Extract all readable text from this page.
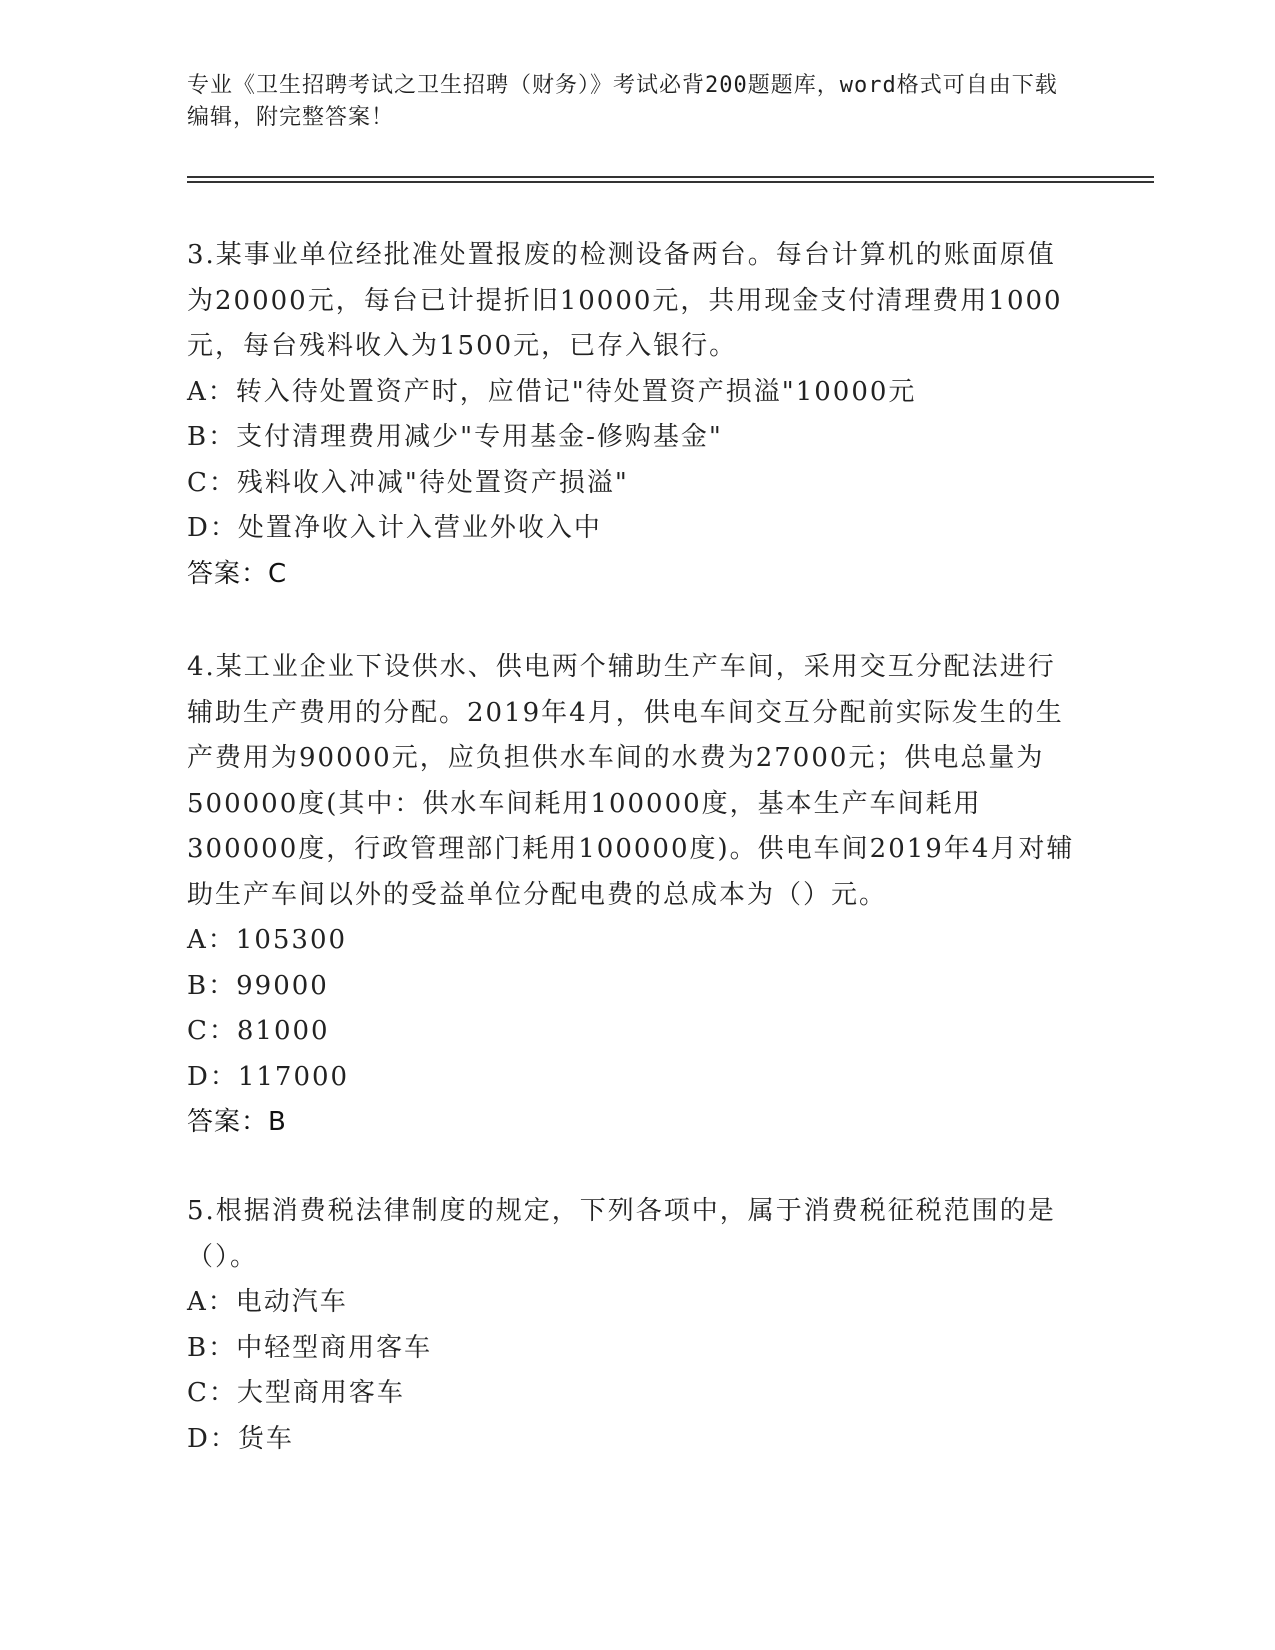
专业《卫生招聘考试之卫生招聘（财务）》考试必背200题题库，word格式可自由下载编辑，附完整答案！

3.某事业单位经批准处置报废的检测设备两台。每台计算机的账面原值为20000元，每台已计提折旧10000元，共用现金支付清理费用1000元，每台残料收入为1500元，已存入银行。

A：转入待处置资产时，应借记"待处置资产损溢"10000元

B：支付清理费用减少"专用基金-修购基金"

C：残料收入冲减"待处置资产损溢"

D：处置净收入计入营业外收入中

答案：C

4.某工业企业下设供水、供电两个辅助生产车间，采用交互分配法进行辅助生产费用的分配。2019年4月，供电车间交互分配前实际发生的生产费用为90000元，应负担供水车间的水费为27000元；供电总量为500000度(其中：供水车间耗用100000度，基本生产车间耗用300000度，行政管理部门耗用100000度)。供电车间2019年4月对辅助生产车间以外的受益单位分配电费的总成本为（）元。

A：105300

B：99000

C：81000

D：117000

答案：B

5.根据消费税法律制度的规定，下列各项中，属于消费税征税范围的是（）。

A：电动汽车

B：中轻型商用客车

C：大型商用客车

D：货车
